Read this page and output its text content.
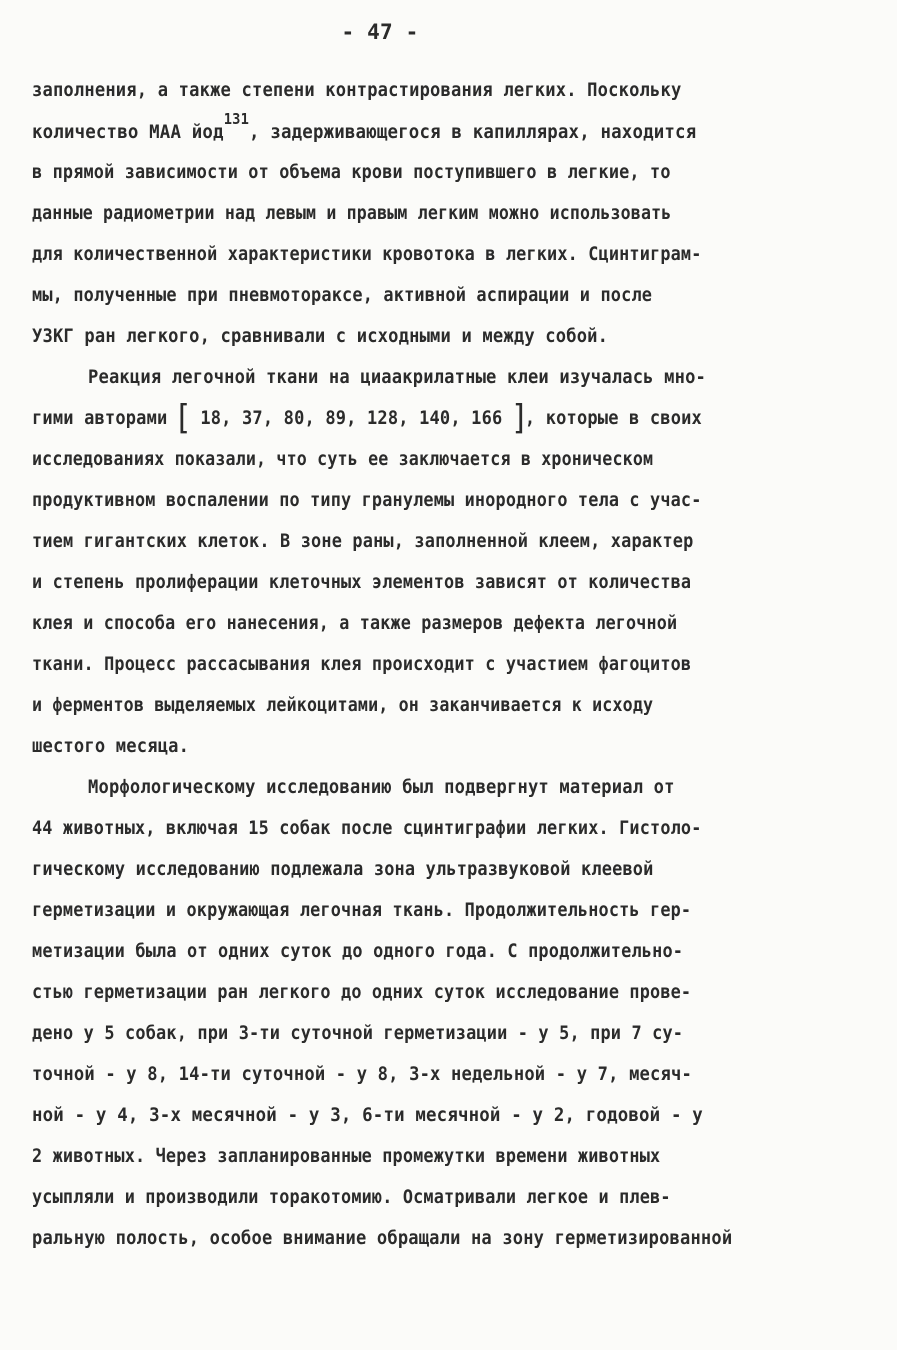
- 47 -
заполнения, а также степени контрастирования легких. Поскольку
количество МАА йод$^{131}$, задерживающегося в капиллярах, находится
в прямой зависимости от объема крови поступившего в легкие, то
данные радиометрии над левым и правым легким можно использовать
для количественной характеристики кровотока в легких. Сцинтиграм-
мы, полученные при пневмотораксе, активной аспирации и после
УЗКГ ран легкого, сравнивали с исходными и между собой.
Реакция легочной ткани на циаакрилатные клеи изучалась мно-
гими авторами [ 18, 37, 80, 89, 128, 140, 166 ], которые в своих
исследованиях показали, что суть ее заключается в хроническом
продуктивном воспалении по типу гранулемы инородного тела с учас-
тием гигантских клеток. В зоне раны, заполненной клеем, характер
и степень пролиферации клеточных элементов зависят от количества
клея и способа его нанесения, а также размеров дефекта легочной
ткани. Процесс рассасывания клея происходит с участием фагоцитов
и ферментов выделяемых лейкоцитами, он заканчивается к исходу
шестого месяца.
Морфологическому исследованию был подвергнут материал от
44 животных, включая 15 собак после сцинтиграфии легких. Гистоло-
гическому исследованию подлежала зона ультразвуковой клеевой
герметизации и окружающая легочная ткань. Продолжительность гер-
метизации была от одних суток до одного года. С продолжительно-
стью герметизации ран легкого до одних суток исследование прове-
дено у 5 собак, при 3-ти суточной герметизации - у 5, при 7 су-
точной - у 8, 14-ти суточной - у 8, 3-х недельной - у 7, месяч-
ной - у 4, 3-х месячной - у 3, 6-ти месячной - у 2, годовой - у
2 животных. Через запланированные промежутки времени животных
усыпляли и производили торакотомию. Осматривали легкое и плев-
ральную полость, особое внимание обращали на зону герметизированной
